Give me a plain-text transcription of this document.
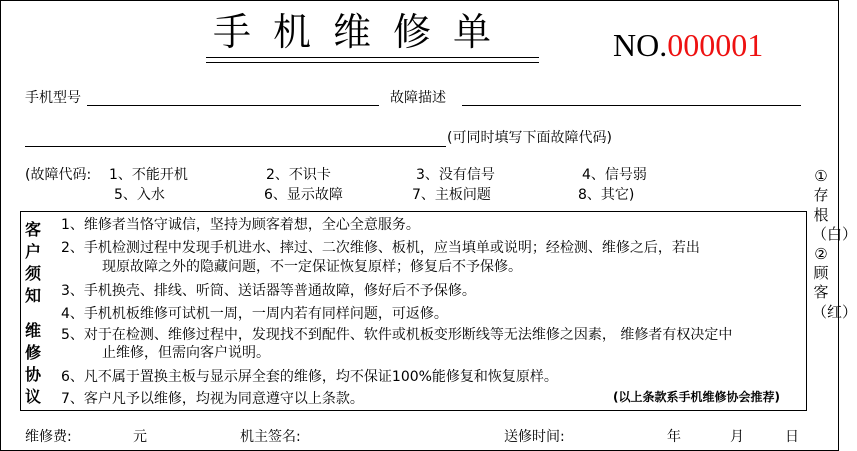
手机维修单	NO.000001
手机型号	故障描述
(可同时填写下面故障代码)
(故障代码: 1、不能开机	2、不识卡	3、没有信号	4、信号弱
5、入水	6、显示故障	7、主板问题	8、其它)
客
户
须
知
维
修
协
议
1、维修者当恪守诚信，坚持为顾客着想，全心全意服务。
2、手机检测过程中发现手机进水、摔过、二次维修、板机，应当填单或说明；经检测、维修之后，若出
现原故障之外的隐藏问题，不一定保证恢复原样；修复后不予保修。
3、手机换壳、排线、听筒、送话器等普通故障，修好后不予保修。
4、手机机板维修可试机一周，一周内若有同样问题，可返修。
5、对于在检测、维修过程中，发现找不到配件、软件或机板变形断线等无法维修之因素， 维修者有权决定中
止维修，但需向客户说明。
6、凡不属于置换主板与显示屏全套的维修，均不保证100%能修复和恢复原样。
7、客户凡予以维修，均视为同意遵守以上条款。	(以上条款系手机维修协会推荐)
①存根（白）②顾客（红）
维修费:	元	机主签名:	送修时间:	年	月	日
